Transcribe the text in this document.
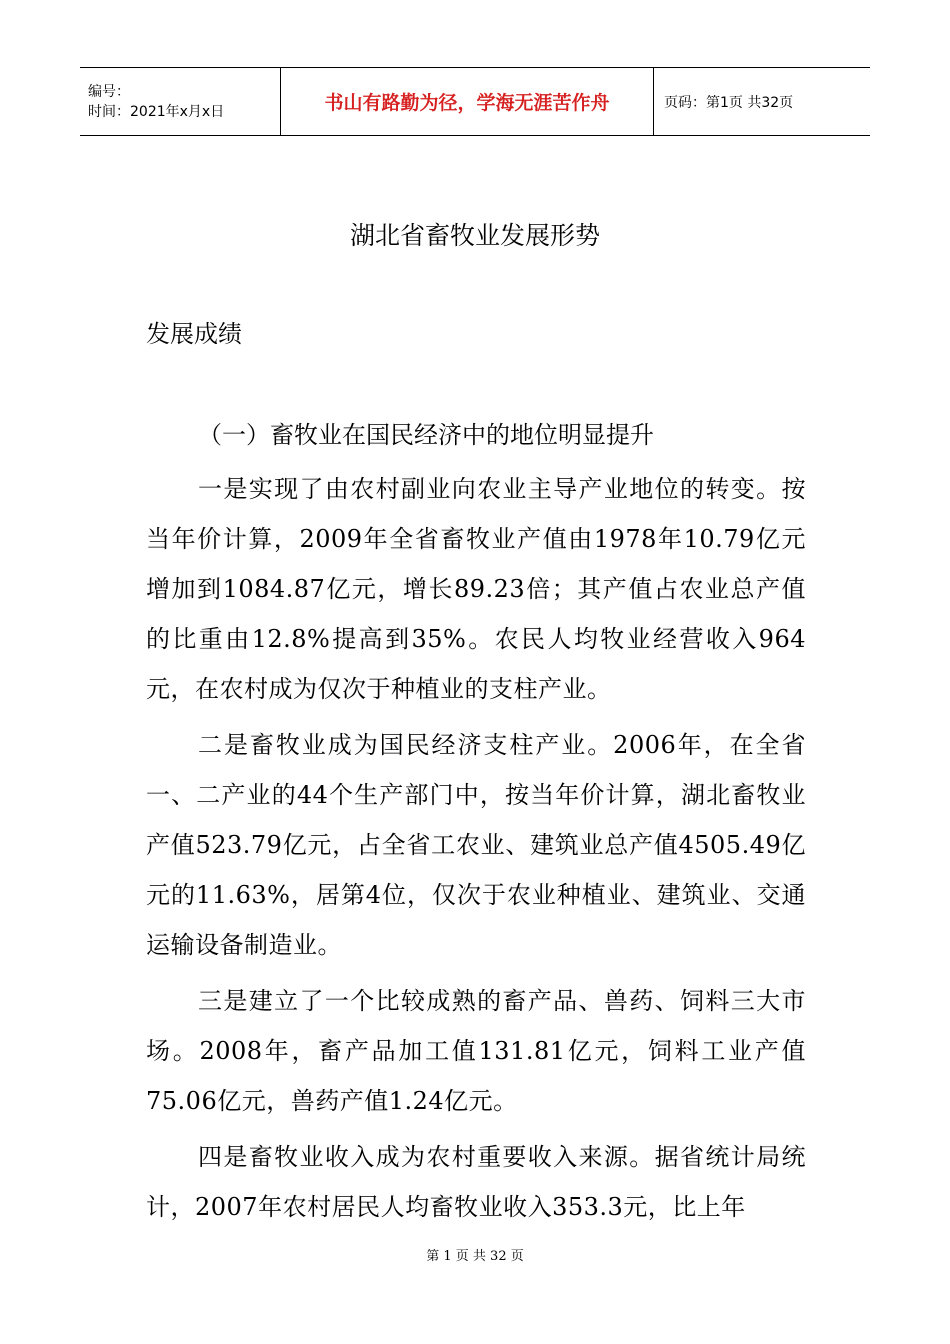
编号：
时间：2021年x月x日	书山有路勤为径，学海无涯苦作舟	页码：第1页 共32页
湖北省畜牧业发展形势
发展成绩
（一）畜牧业在国民经济中的地位明显提升

一是实现了由农村副业向农业主导产业地位的转变。按当年价计算，2009年全省畜牧业产值由1978年10.79亿元增加到1084.87亿元，增长89.23倍；其产值占农业总产值的比重由12.8%提高到35%。农民人均牧业经营收入964元，在农村成为仅次于种植业的支柱产业。

二是畜牧业成为国民经济支柱产业。2006年，在全省一、二产业的44个生产部门中，按当年价计算，湖北畜牧业产值523.79亿元，占全省工农业、建筑业总产值4505.49亿元的11.63%，居第4位，仅次于农业种植业、建筑业、交通运输设备制造业。

三是建立了一个比较成熟的畜产品、兽药、饲料三大市场。2008年，畜产品加工值131.81亿元，饲料工业产值75.06亿元，兽药产值1.24亿元。

四是畜牧业收入成为农村重要收入来源。据省统计局统计，2007年农村居民人均畜牧业收入353.3元，比上年

第 1 页 共 32 页
